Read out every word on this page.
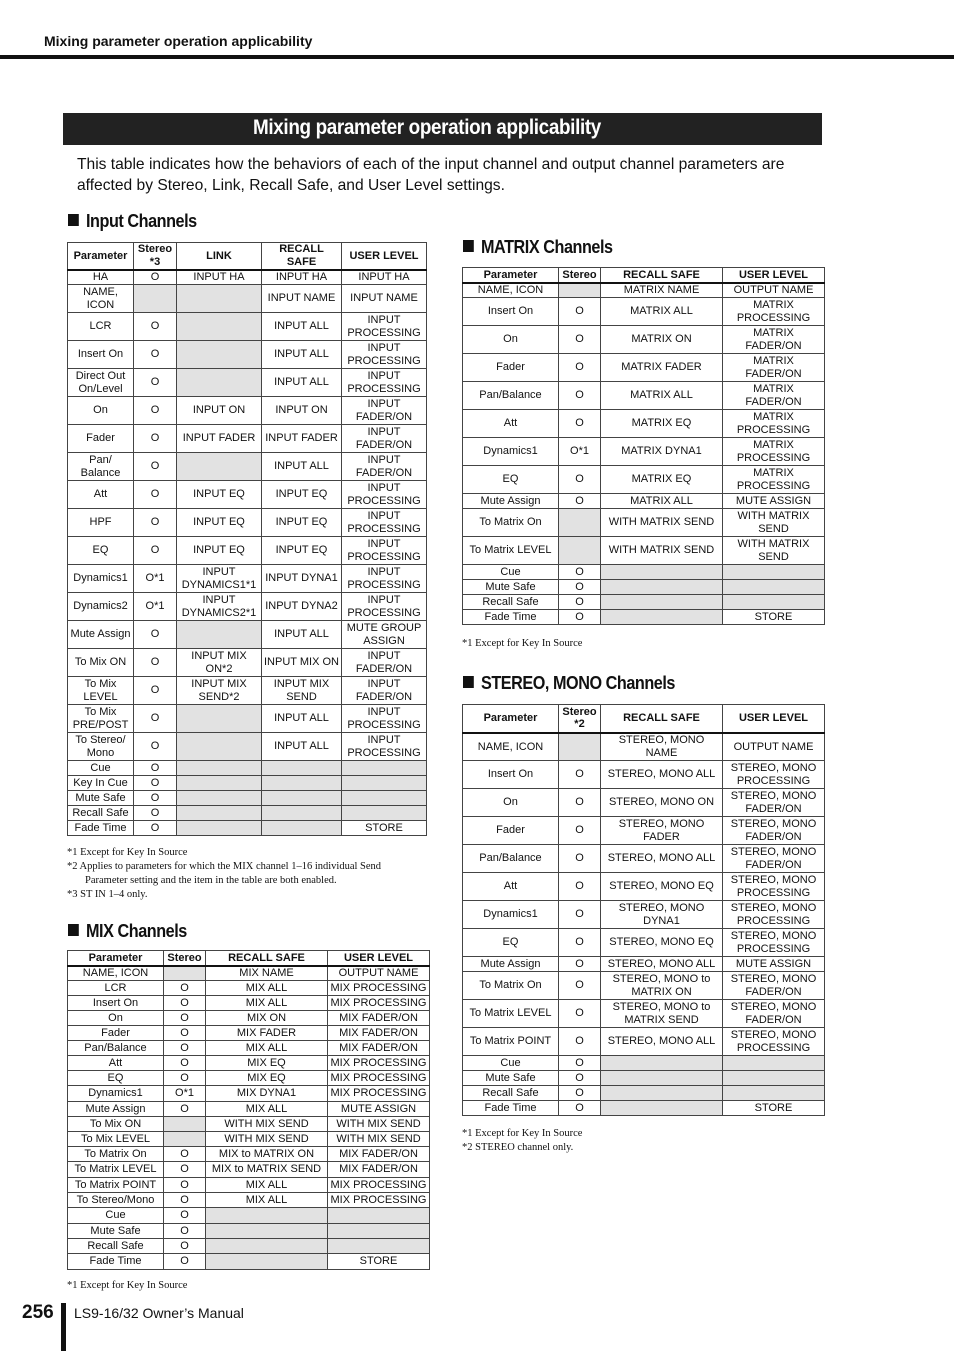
Mixing parameter operation applicability
Mixing parameter operation applicability
This table indicates how the behaviors of each of the input channel and output channel parameters are affected by Stereo, Link, Recall Safe, and User Level settings.
Input Channels
Parameter	Stereo *3	LINK	RECALL SAFE	USER LEVEL
HA	O	INPUT HA	INPUT HA	INPUT HA
NAME, ICON			INPUT NAME	INPUT NAME
LCR	O		INPUT ALL	INPUT PROCESSING
Insert On	O		INPUT ALL	INPUT PROCESSING
Direct Out On/Level	O		INPUT ALL	INPUT PROCESSING
On	O	INPUT ON	INPUT ON	INPUT FADER/ON
Fader	O	INPUT FADER	INPUT FADER	INPUT FADER/ON
Pan/ Balance	O		INPUT ALL	INPUT FADER/ON
Att	O	INPUT EQ	INPUT EQ	INPUT PROCESSING
HPF	O	INPUT EQ	INPUT EQ	INPUT PROCESSING
EQ	O	INPUT EQ	INPUT EQ	INPUT PROCESSING
Dynamics1	O*1	INPUT DYNAMICS1*1	INPUT DYNA1	INPUT PROCESSING
Dynamics2	O*1	INPUT DYNAMICS2*1	INPUT DYNA2	INPUT PROCESSING
Mute Assign	O		INPUT ALL	MUTE GROUP ASSIGN
To Mix ON	O	INPUT MIX ON*2	INPUT MIX ON	INPUT FADER/ON
To Mix LEVEL	O	INPUT MIX SEND*2	INPUT MIX SEND	INPUT FADER/ON
To Mix PRE/POST	O		INPUT ALL	INPUT PROCESSING
To Stereo/ Mono	O		INPUT ALL	INPUT PROCESSING
Cue	O			
Key In Cue	O			
Mute Safe	O			
Recall Safe	O			
Fade Time	O			STORE
*1 Except for Key In Source
*2 Applies to parameters for which the MIX channel 1–16 individual Send
Parameter setting and the item in the table are both enabled.
*3 ST IN 1–4 only.
MIX Channels
Parameter	Stereo	RECALL SAFE	USER LEVEL
NAME, ICON		MIX NAME	OUTPUT NAME
LCR	O	MIX ALL	MIX PROCESSING
Insert On	O	MIX ALL	MIX PROCESSING
On	O	MIX ON	MIX FADER/ON
Fader	O	MIX FADER	MIX FADER/ON
Pan/Balance	O	MIX ALL	MIX FADER/ON
Att	O	MIX EQ	MIX PROCESSING
EQ	O	MIX EQ	MIX PROCESSING
Dynamics1	O*1	MIX DYNA1	MIX PROCESSING
Mute Assign	O	MIX ALL	MUTE ASSIGN
To Mix ON		WITH MIX SEND	WITH MIX SEND
To Mix LEVEL		WITH MIX SEND	WITH MIX SEND
To Matrix On	O	MIX to MATRIX ON	MIX FADER/ON
To Matrix LEVEL	O	MIX to MATRIX SEND	MIX FADER/ON
To Matrix POINT	O	MIX ALL	MIX PROCESSING
To Stereo/Mono	O	MIX ALL	MIX PROCESSING
Cue	O		
Mute Safe	O		
Recall Safe	O		
Fade Time	O		STORE
*1 Except for Key In Source
MATRIX Channels
Parameter	Stereo	RECALL SAFE	USER LEVEL
NAME, ICON		MATRIX NAME	OUTPUT NAME
Insert On	O	MATRIX ALL	MATRIX PROCESSING
On	O	MATRIX ON	MATRIX FADER/ON
Fader	O	MATRIX FADER	MATRIX FADER/ON
Pan/Balance	O	MATRIX ALL	MATRIX FADER/ON
Att	O	MATRIX EQ	MATRIX PROCESSING
Dynamics1	O*1	MATRIX DYNA1	MATRIX PROCESSING
EQ	O	MATRIX EQ	MATRIX PROCESSING
Mute Assign	O	MATRIX ALL	MUTE ASSIGN
To Matrix On		WITH MATRIX SEND	WITH MATRIX SEND
To Matrix LEVEL		WITH MATRIX SEND	WITH MATRIX SEND
Cue	O		
Mute Safe	O		
Recall Safe	O		
Fade Time	O		STORE
*1 Except for Key In Source
STEREO, MONO Channels
Parameter	Stereo *2	RECALL SAFE	USER LEVEL
NAME, ICON		STEREO, MONO NAME	OUTPUT NAME
Insert On	O	STEREO, MONO ALL	STEREO, MONO PROCESSING
On	O	STEREO, MONO ON	STEREO, MONO FADER/ON
Fader	O	STEREO, MONO FADER	STEREO, MONO FADER/ON
Pan/Balance	O	STEREO, MONO ALL	STEREO, MONO FADER/ON
Att	O	STEREO, MONO EQ	STEREO, MONO PROCESSING
Dynamics1	O	STEREO, MONO DYNA1	STEREO, MONO PROCESSING
EQ	O	STEREO, MONO EQ	STEREO, MONO PROCESSING
Mute Assign	O	STEREO, MONO ALL	MUTE ASSIGN
To Matrix On	O	STEREO, MONO to MATRIX ON	STEREO, MONO FADER/ON
To Matrix LEVEL	O	STEREO, MONO to MATRIX SEND	STEREO, MONO FADER/ON
To Matrix POINT	O	STEREO, MONO ALL	STEREO, MONO PROCESSING
Cue	O		
Mute Safe	O		
Recall Safe	O		
Fade Time	O		STORE
*1 Except for Key In Source
*2 STEREO channel only.
256 LS9-16/32 Owner’s Manual
